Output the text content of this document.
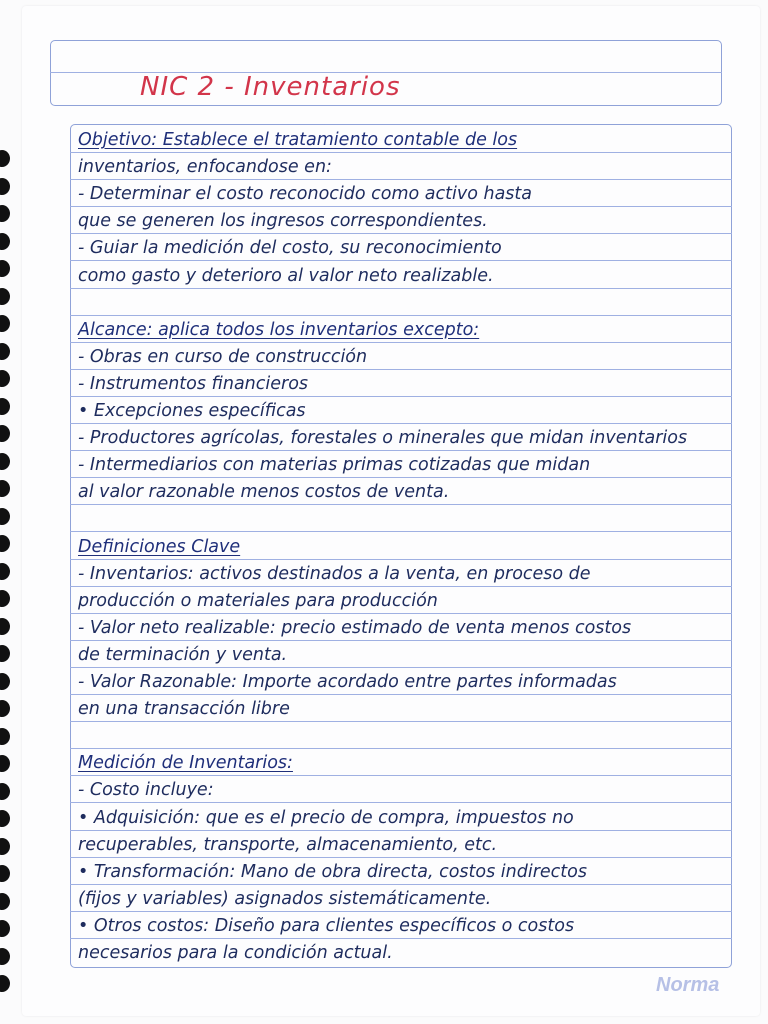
NIC 2 - Inventarios
Objetivo: Establece el tratamiento contable de los
inventarios, enfocandose en:
- Determinar el costo reconocido como activo hasta
que se generen los ingresos correspondientes.
- Guiar la medición del costo, su reconocimiento
como gasto y deterioro al valor neto realizable.
Alcance: aplica todos los inventarios excepto:
- Obras en curso de construcción
- Instrumentos financieros
• Excepciones específicas
- Productores agrícolas, forestales o minerales que midan inventarios
- Intermediarios con materias primas cotizadas que midan
al valor razonable menos costos de venta.
Definiciones Clave
- Inventarios: activos destinados a la venta, en proceso de
producción o materiales para producción
- Valor neto realizable: precio estimado de venta menos costos
de terminación y venta.
- Valor Razonable: Importe acordado entre partes informadas
en una transacción libre
Medición de Inventarios:
- Costo incluye:
• Adquisición: que es el precio de compra, impuestos no
recuperables, transporte, almacenamiento, etc.
• Transformación: Mano de obra directa, costos indirectos
(fijos y variables) asignados sistemáticamente.
• Otros costos: Diseño para clientes específicos o costos
necesarios para la condición actual.
Norma
